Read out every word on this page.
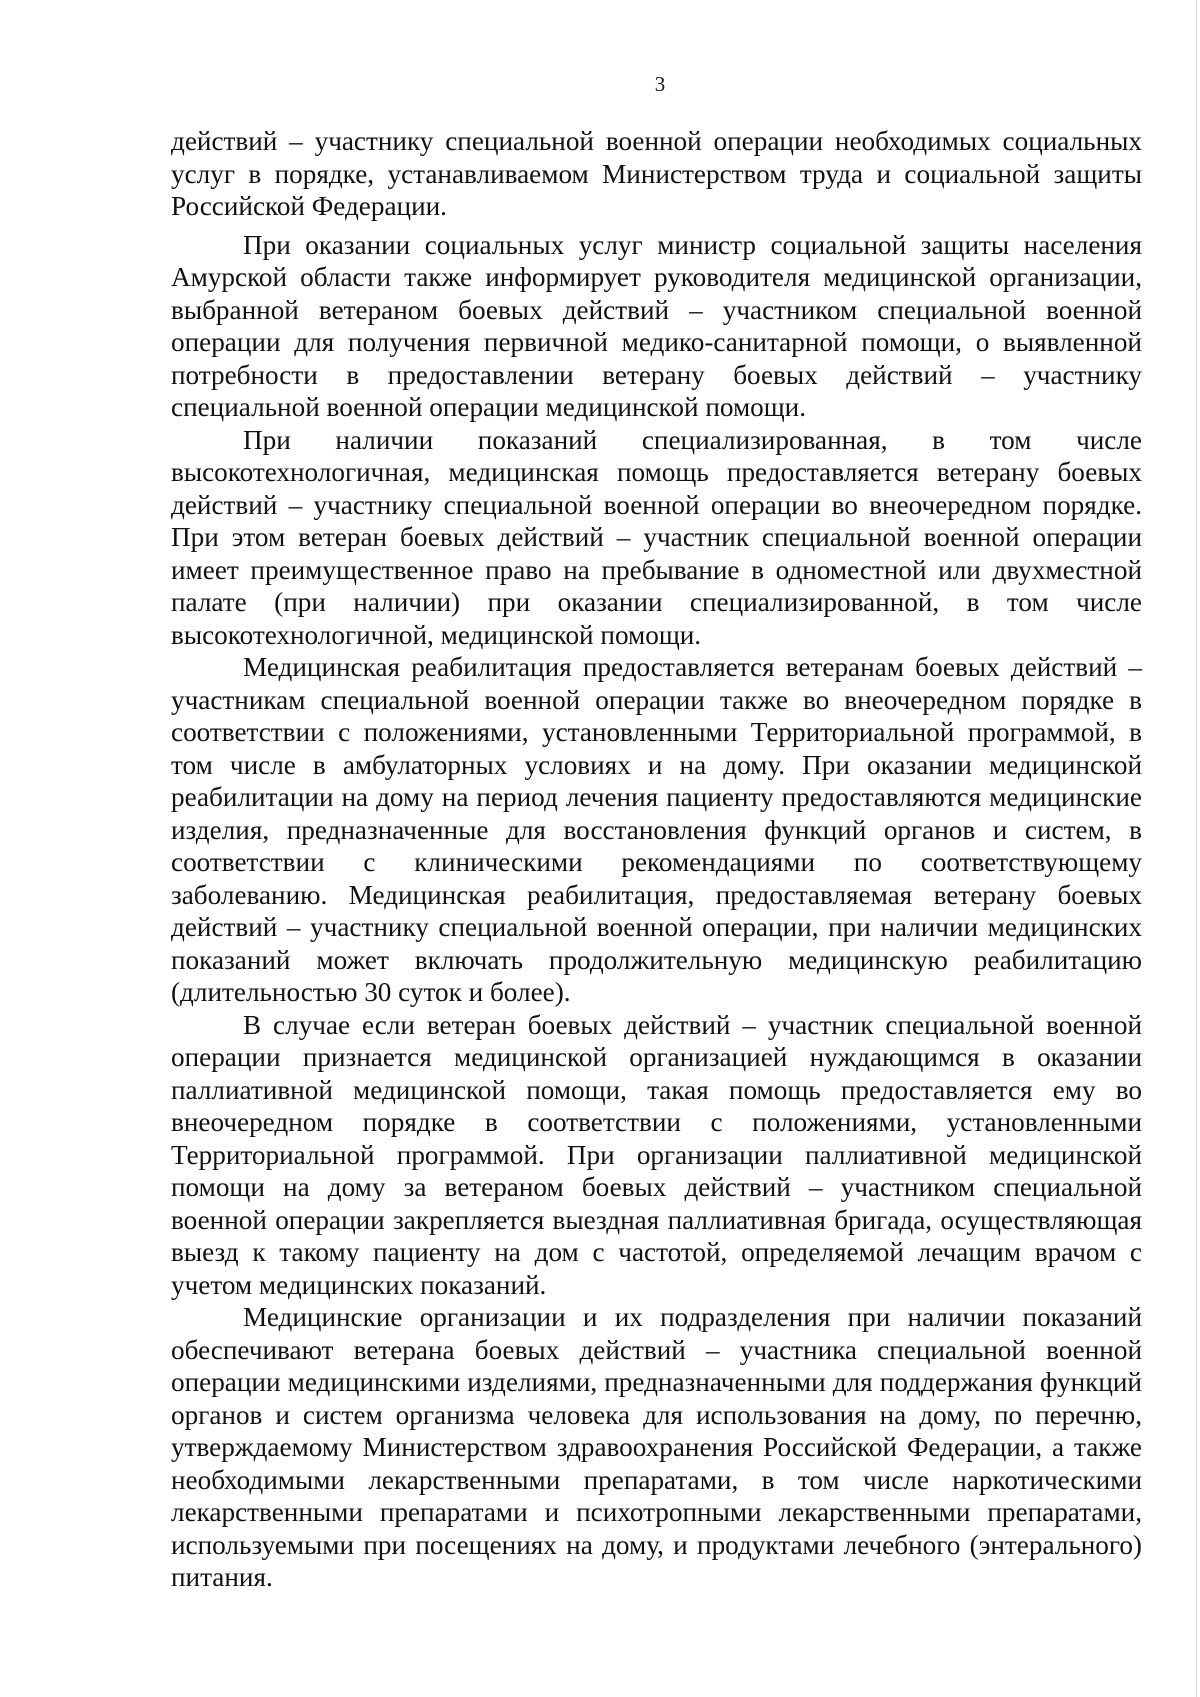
3

действий – участнику специальной военной операции необходимых социальных услуг в порядке, устанавливаемом Министерством труда и социальной защиты Российской Федерации.

При оказании социальных услуг министр социальной защиты населения Амурской области также информирует руководителя медицинской организации, выбранной ветераном боевых действий – участником специальной военной операции для получения первичной медико-санитарной помощи, о выявленной потребности в предоставлении ветерану боевых действий – участнику специальной военной операции медицинской помощи.

При наличии показаний специализированная, в том числе высокотехнологичная, медицинская помощь предоставляется ветерану боевых действий – участнику специальной военной операции во внеочередном порядке. При этом ветеран боевых действий – участник специальной военной операции имеет преимущественное право на пребывание в одноместной или двухместной палате (при наличии) при оказании специализированной, в том числе высокотехнологичной, медицинской помощи.

Медицинская реабилитация предоставляется ветеранам боевых действий – участникам специальной военной операции также во внеочередном порядке в соответствии с положениями, установленными Территориальной программой, в том числе в амбулаторных условиях и на дому. При оказании медицинской реабилитации на дому на период лечения пациенту предоставляются медицинские изделия, предназначенные для восстановления функций органов и систем, в соответствии с клиническими рекомендациями по соответствующему заболеванию. Медицинская реабилитация, предоставляемая ветерану боевых действий – участнику специальной военной операции, при наличии медицинских показаний может включать продолжительную медицинскую реабилитацию (длительностью 30 суток и более).

В случае если ветеран боевых действий – участник специальной военной операции признается медицинской организацией нуждающимся в оказании паллиативной медицинской помощи, такая помощь предоставляется ему во внеочередном порядке в соответствии с положениями, установленными Территориальной программой. При организации паллиативной медицинской помощи на дому за ветераном боевых действий – участником специальной военной операции закрепляется выездная паллиативная бригада, осуществляющая выезд к такому пациенту на дом с частотой, определяемой лечащим врачом с учетом медицинских показаний.

Медицинские организации и их подразделения при наличии показаний обеспечивают ветерана боевых действий – участника специальной военной операции медицинскими изделиями, предназначенными для поддержания функций органов и систем организма человека для использования на дому, по перечню, утверждаемому Министерством здравоохранения Российской Федерации, а также необходимыми лекарственными препаратами, в том числе наркотическими лекарственными препаратами и психотропными лекарственными препаратами, используемыми при посещениях на дому, и продуктами лечебного (энтерального) питания.
